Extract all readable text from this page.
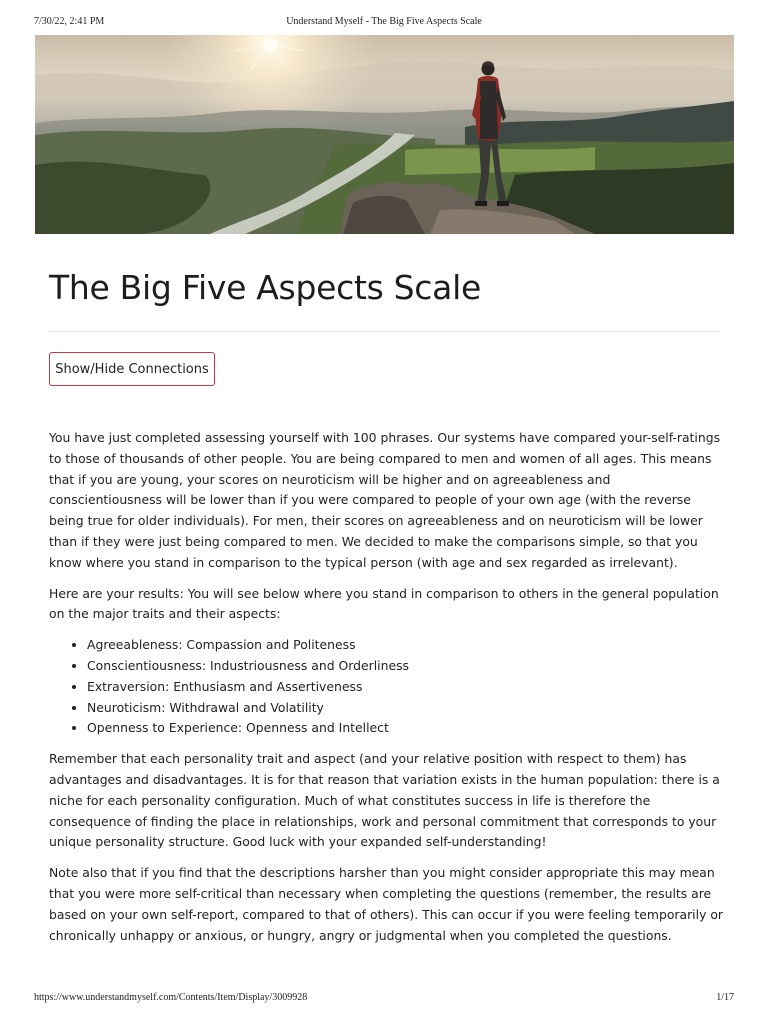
7/30/22, 2:41 PM	Understand Myself - The Big Five Aspects Scale
The Big Five Aspects Scale
Show/Hide Connections

You have just completed assessing yourself with 100 phrases. Our systems have compared your-self-ratings to those of thousands of other people. You are being compared to men and women of all ages. This means that if you are young, your scores on neuroticism will be higher and on agreeableness and conscientiousness will be lower than if you were compared to people of your own age (with the reverse being true for older individuals). For men, their scores on agreeableness and on neuroticism will be lower than if they were just being compared to men. We decided to make the comparisons simple, so that you know where you stand in comparison to the typical person (with age and sex regarded as irrelevant).

Here are your results: You will see below where you stand in comparison to others in the general population on the major traits and their aspects:

• Agreeableness: Compassion and Politeness
• Conscientiousness: Industriousness and Orderliness
• Extraversion: Enthusiasm and Assertiveness
• Neuroticism: Withdrawal and Volatility
• Openness to Experience: Openness and Intellect

Remember that each personality trait and aspect (and your relative position with respect to them) has advantages and disadvantages. It is for that reason that variation exists in the human population: there is a niche for each personality configuration. Much of what constitutes success in life is therefore the consequence of finding the place in relationships, work and personal commitment that corresponds to your unique personality structure. Good luck with your expanded self-understanding!

Note also that if you find that the descriptions harsher than you might consider appropriate this may mean that you were more self-critical than necessary when completing the questions (remember, the results are based on your own self-report, compared to that of others). This can occur if you were feeling temporarily or chronically unhappy or anxious, or hungry, angry or judgmental when you completed the questions.

https://www.understandmyself.com/Contents/Item/Display/3009928	1/17
